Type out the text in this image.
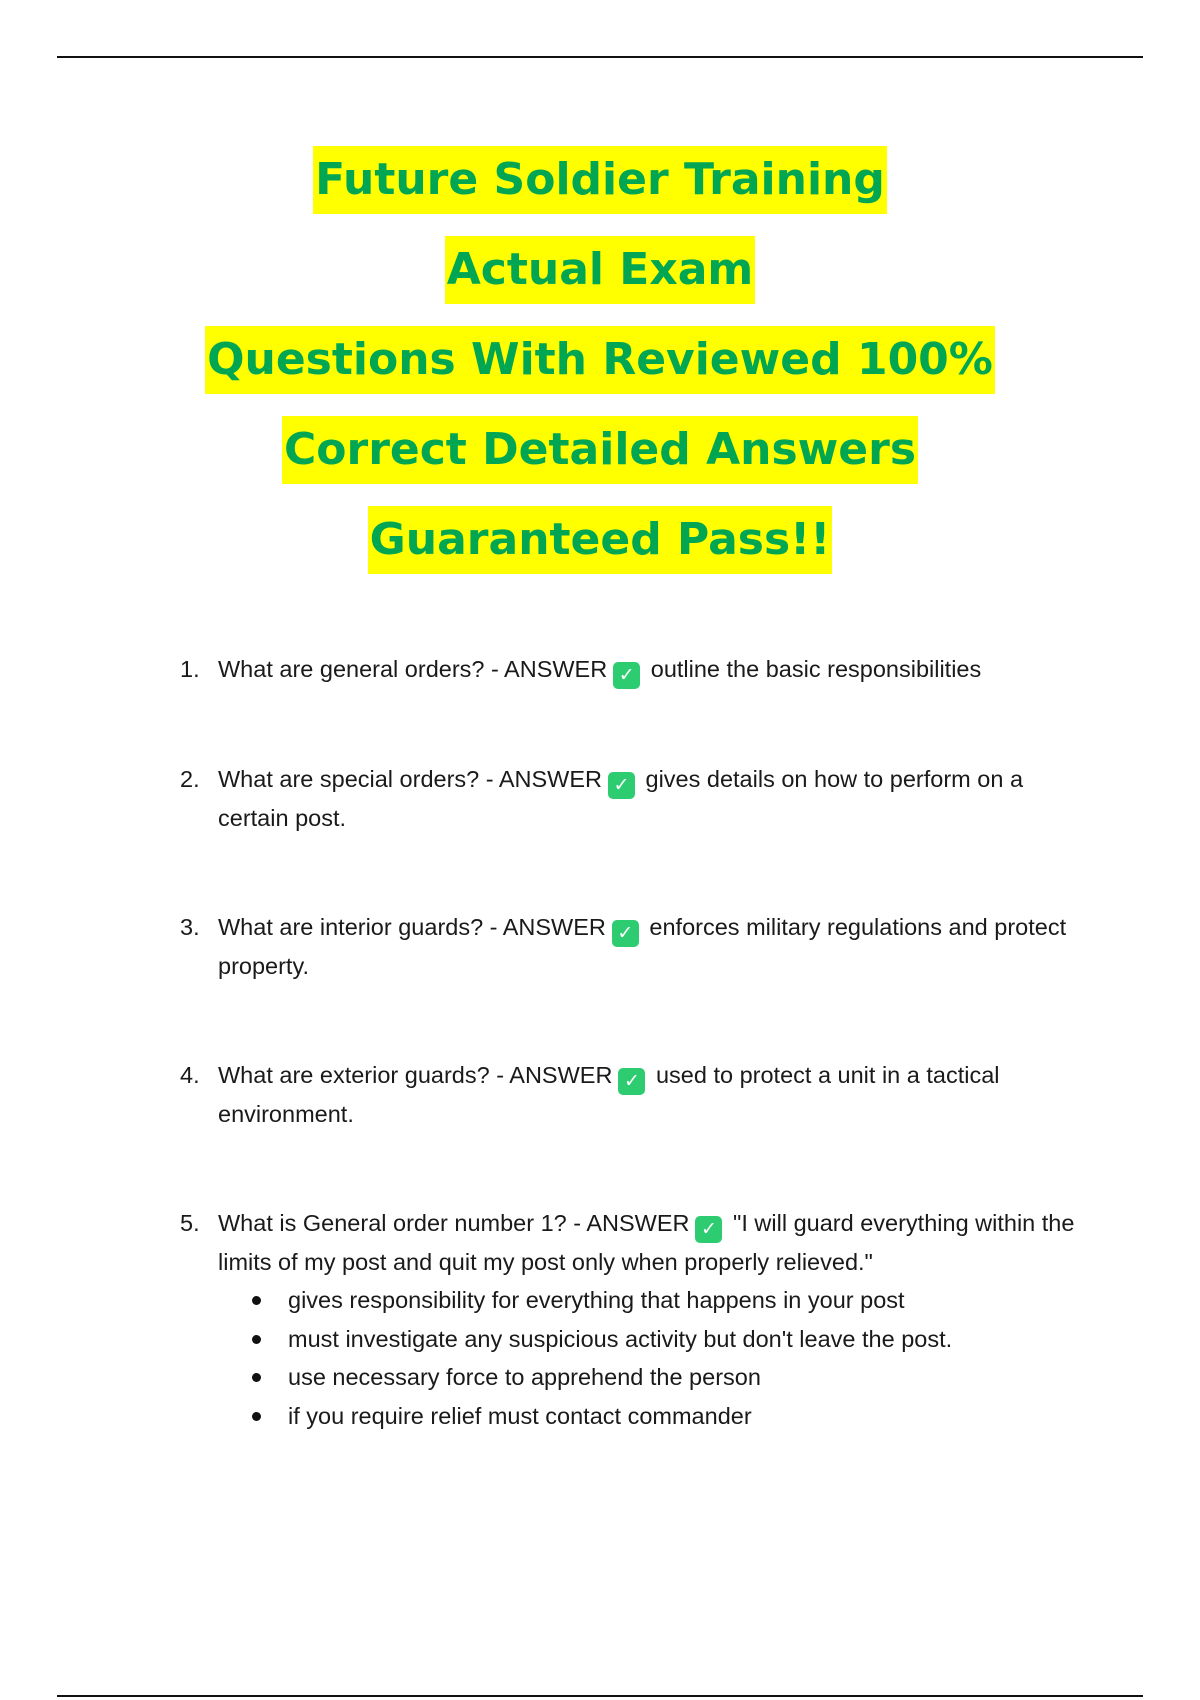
Future Soldier Training
Actual Exam
Questions With Reviewed 100%
Correct Detailed Answers
Guaranteed Pass!!
1. What are general orders? - ANSWER ✓ outline the basic responsibilities
2. What are special orders? - ANSWER ✓ gives details on how to perform on a certain post.
3. What are interior guards? - ANSWER ✓ enforces military regulations and protect property.
4. What are exterior guards? - ANSWER ✓ used to protect a unit in a tactical environment.
5. What is General order number 1? - ANSWER ✓ "I will guard everything within the limits of my post and quit my post only when properly relieved."
gives responsibility for everything that happens in your post
must investigate any suspicious activity but don't leave the post.
use necessary force to apprehend the person
if you require relief must contact commander
